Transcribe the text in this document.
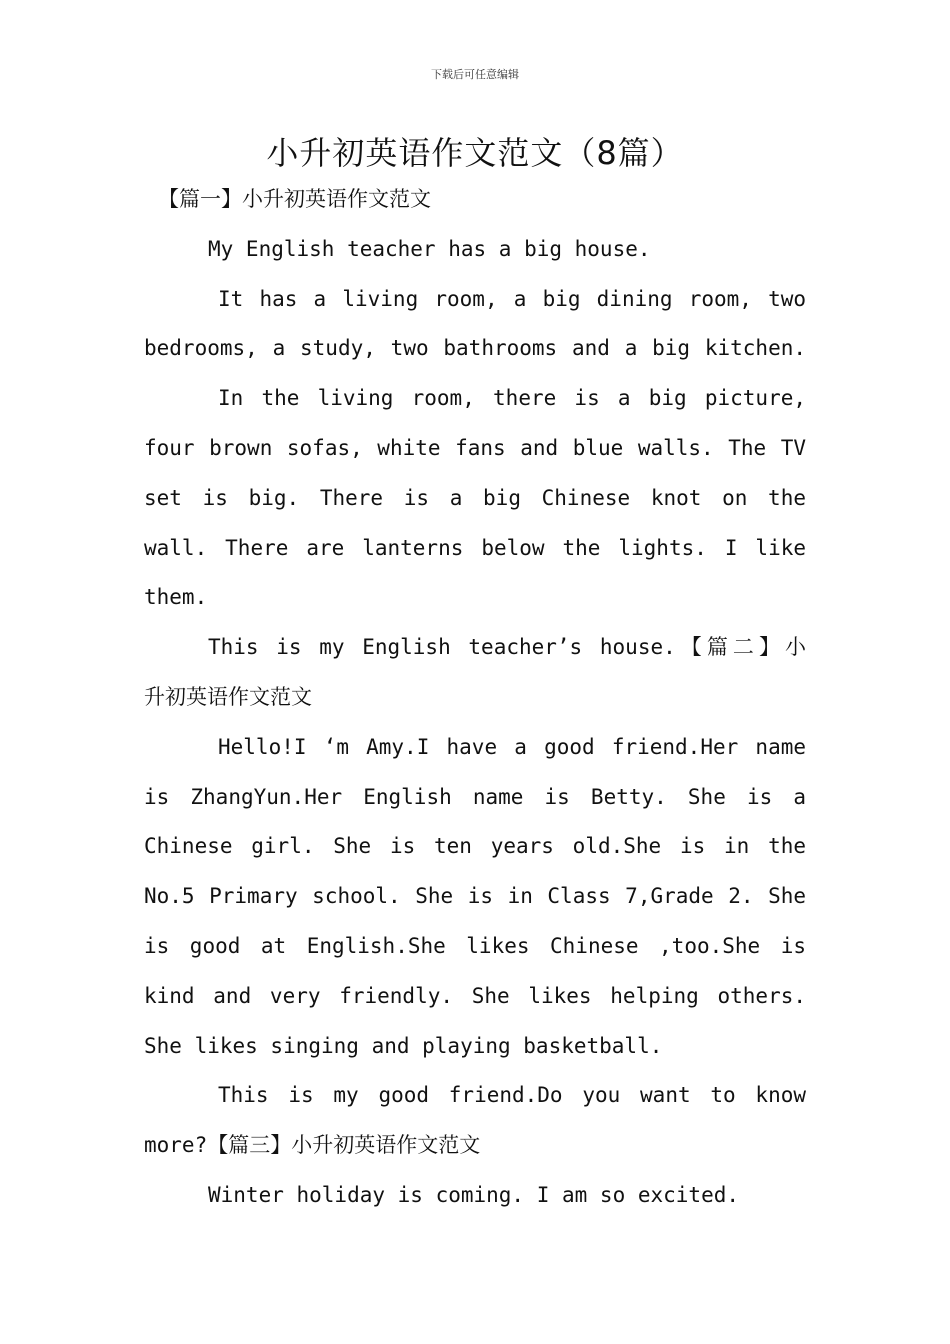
下载后可任意编辑
小升初英语作文范文（8篇）
【篇一】小升初英语作文范文
My English teacher has a big house.
It has a living room, a big dining room, two
bedrooms, a study, two bathrooms and a big kitchen.
In the living room, there is a big picture,
four brown sofas, white fans and blue walls. The TV
set is big. There is a big Chinese knot on the
wall. There are lanterns below the lights. I like
them.
This is my English teacher’s house.【篇二】小
升初英语作文范文
Hello!I ‘m Amy.I have a good friend.Her name
is ZhangYun.Her English name is Betty. She is a
Chinese girl. She is ten years old.She is in the
No.5 Primary school. She is in Class 7,Grade 2. She
is good at English.She likes Chinese ,too.She is
kind and very friendly. She likes helping others.
She likes singing and playing basketball.
This is my good friend.Do you want to know
more?【篇三】小升初英语作文范文
Winter holiday is coming. I am so excited.
